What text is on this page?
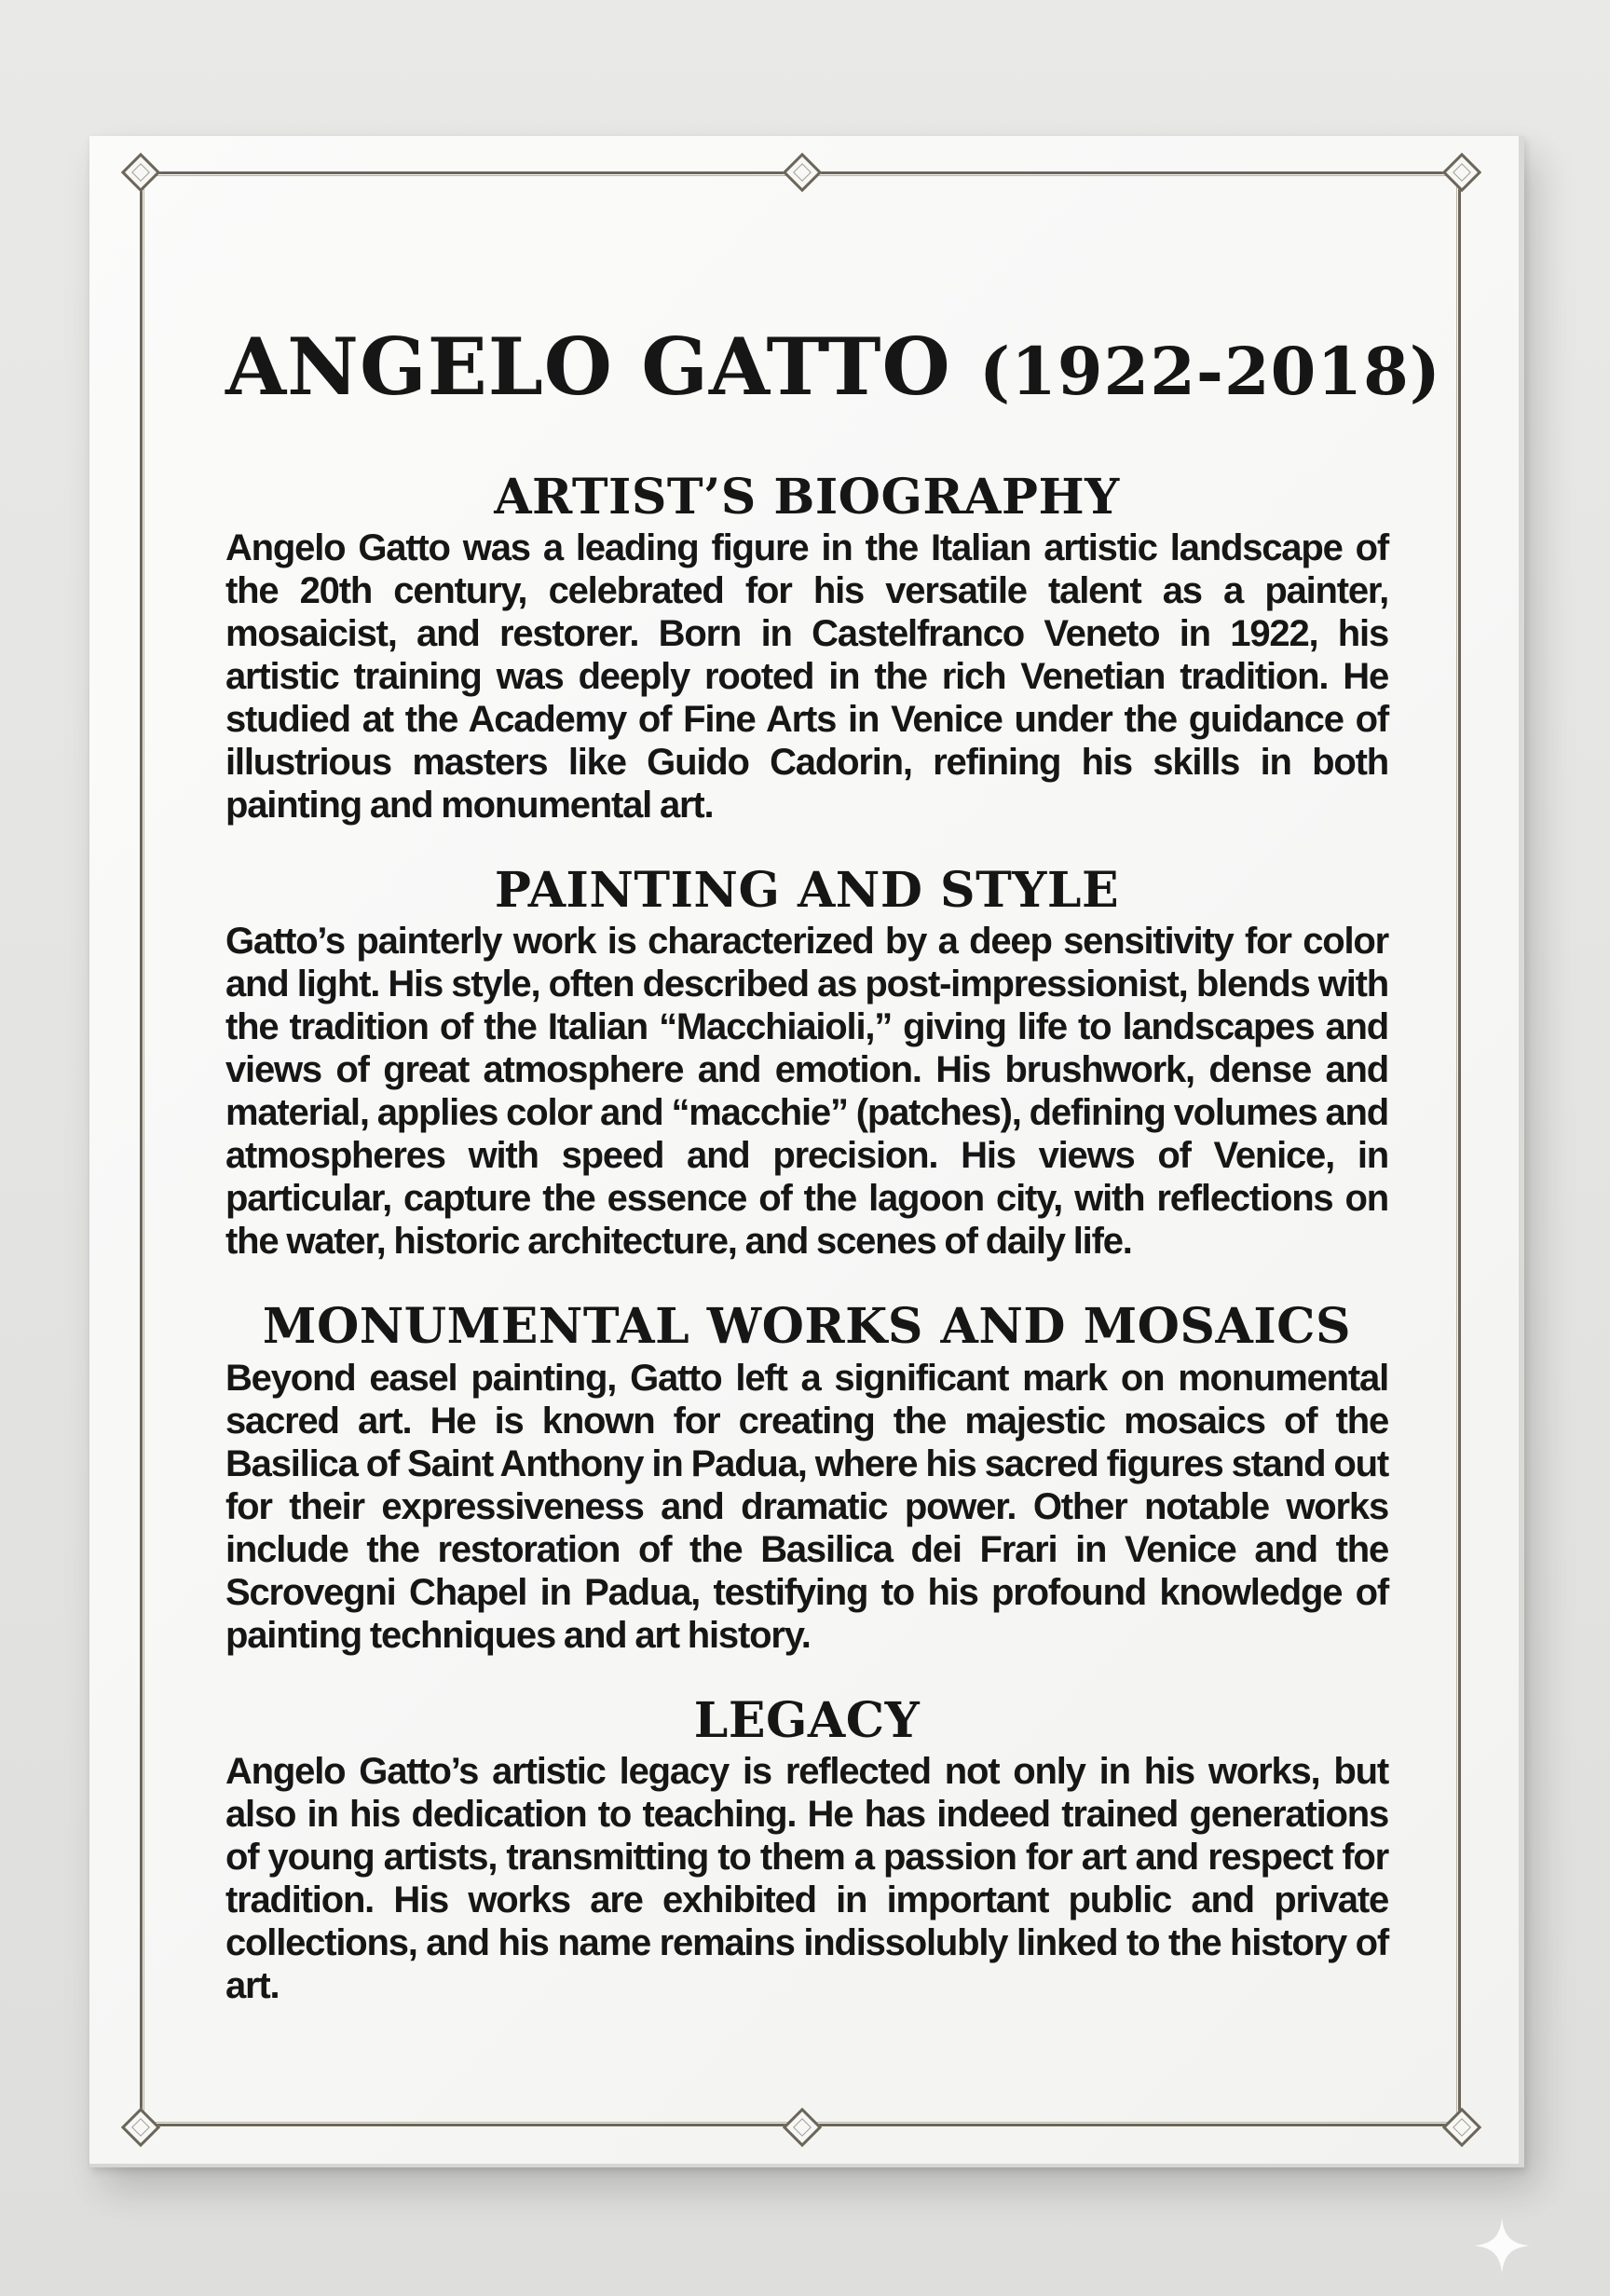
ANGELO GATTO (1922-2018)
ARTIST’S BIOGRAPHY

Angelo Gatto was a leading figure in the Italian artistic landscape of the 20th century, celebrated for his versatile talent as a painter, mosaicist, and restorer. Born in Castelfranco Veneto in 1922, his artistic training was deeply rooted in the rich Venetian tradition. He studied at the Academy of Fine Arts in Venice under the guidance of illustrious masters like Guido Cadorin, refining his skills in both painting and monumental art.

PAINTING AND STYLE

Gatto’s painterly work is characterized by a deep sensitivity for color and light. His style, often described as post-impressionist, blends with the tradition of the Italian “Macchiaioli,” giving life to landscapes and views of great atmosphere and emotion. His brushwork, dense and material, applies color and “macchie” (patches), defining volumes and atmospheres with speed and precision. His views of Venice, in particular, capture the essence of the lagoon city, with reflections on the water, historic architecture, and scenes of daily life.

MONUMENTAL WORKS AND MOSAICS

Beyond easel painting, Gatto left a significant mark on monumental sacred art. He is known for creating the majestic mosaics of the Basilica of Saint Anthony in Padua, where his sacred figures stand out for their expressiveness and dramatic power. Other notable works include the restoration of the Basilica dei Frari in Venice and the Scrovegni Chapel in Padua, testifying to his profound knowledge of painting techniques and art history.

LEGACY

Angelo Gatto’s artistic legacy is reflected not only in his works, but also in his dedication to teaching. He has indeed trained generations of young artists, transmitting to them a passion for art and respect for tradition. His works are exhibited in important public and private collections, and his name remains indissolubly linked to the history of art.
